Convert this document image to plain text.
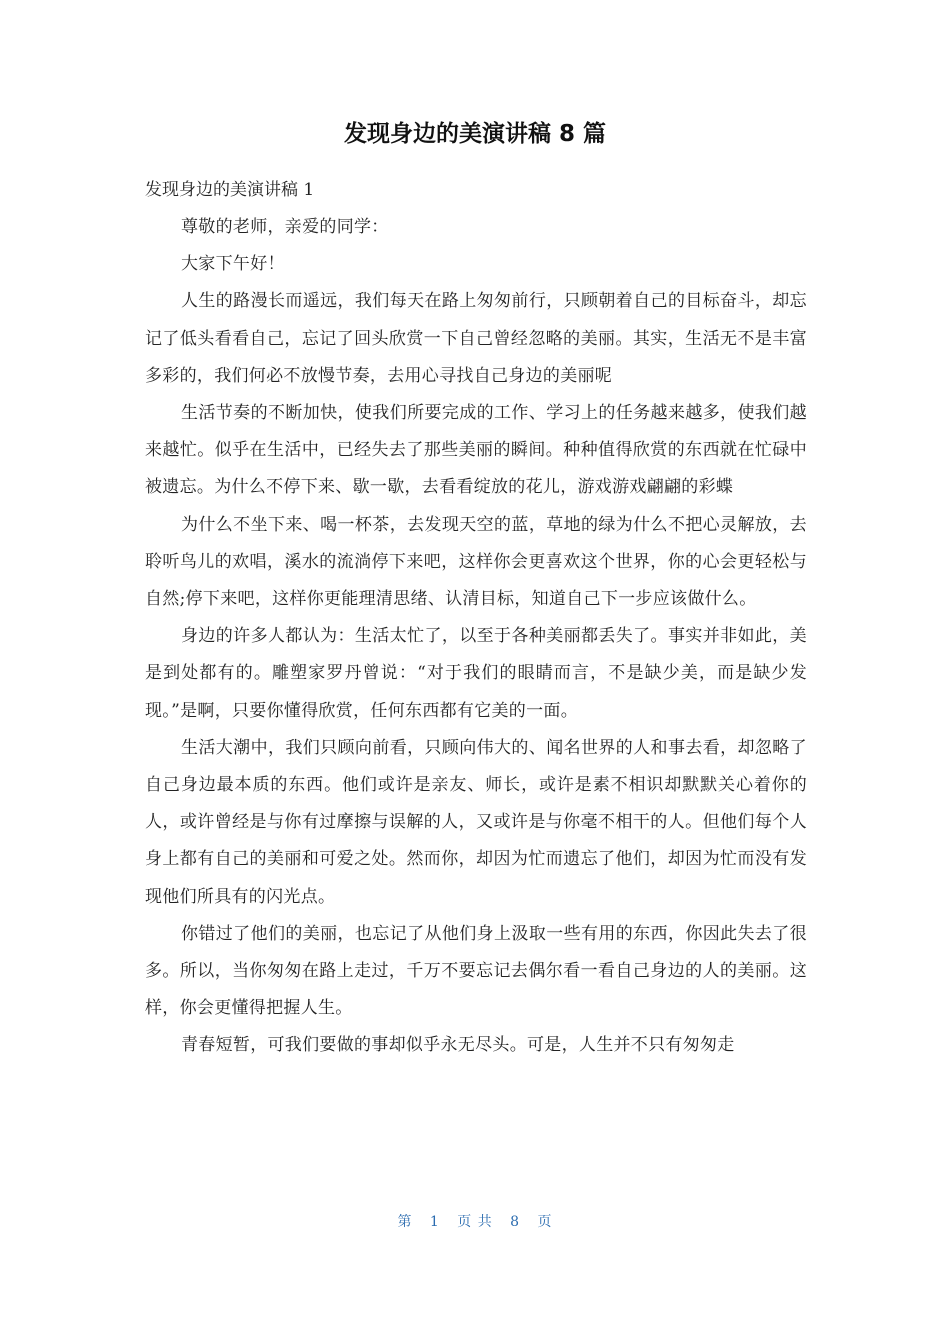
发现身边的美演讲稿 8 篇

发现身边的美演讲稿 1

尊敬的老师，亲爱的同学：

大家下午好！

人生的路漫长而遥远，我们每天在路上匆匆前行，只顾朝着自己的目标奋斗，却忘记了低头看看自己，忘记了回头欣赏一下自己曾经忽略的美丽。其实，生活无不是丰富多彩的，我们何必不放慢节奏，去用心寻找自己身边的美丽呢

生活节奏的不断加快，使我们所要完成的工作、学习上的任务越来越多，使我们越来越忙。似乎在生活中，已经失去了那些美丽的瞬间。种种值得欣赏的东西就在忙碌中被遗忘。为什么不停下来、歇一歇，去看看绽放的花儿，游戏游戏翩翩的彩蝶

为什么不坐下来、喝一杯茶，去发现天空的蓝，草地的绿为什么不把心灵解放，去聆听鸟儿的欢唱，溪水的流淌停下来吧，这样你会更喜欢这个世界，你的心会更轻松与自然;停下来吧，这样你更能理清思绪、认清目标，知道自己下一步应该做什么。

身边的许多人都认为：生活太忙了，以至于各种美丽都丢失了。事实并非如此，美是到处都有的。雕塑家罗丹曾说：“对于我们的眼睛而言，不是缺少美，而是缺少发现。”是啊，只要你懂得欣赏，任何东西都有它美的一面。

生活大潮中，我们只顾向前看，只顾向伟大的、闻名世界的人和事去看，却忽略了自己身边最本质的东西。他们或许是亲友、师长，或许是素不相识却默默关心着你的人，或许曾经是与你有过摩擦与误解的人，又或许是与你毫不相干的人。但他们每个人身上都有自己的美丽和可爱之处。然而你，却因为忙而遗忘了他们，却因为忙而没有发现他们所具有的闪光点。

你错过了他们的美丽，也忘记了从他们身上汲取一些有用的东西，你因此失去了很多。所以，当你匆匆在路上走过，千万不要忘记去偶尔看一看自己身边的人的美丽。这样，你会更懂得把握人生。

青春短暂，可我们要做的事却似乎永无尽头。可是，人生并不只有匆匆走

第 1 页 共 8 页
